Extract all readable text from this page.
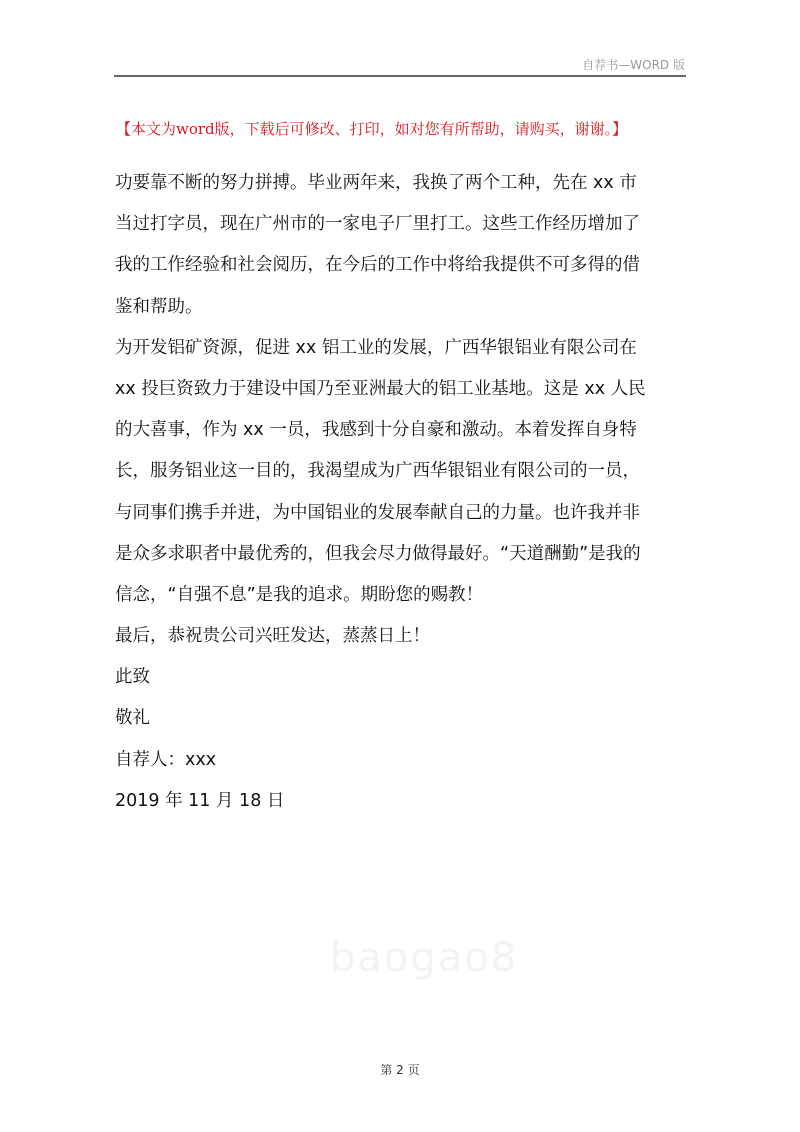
自荐书—WORD 版
【本文为word版，下载后可修改、打印，如对您有所帮助，请购买，谢谢。】
baogao8
功要靠不断的努力拼搏。毕业两年来，我换了两个工种，先在 xx 市
当过打字员，现在广州市的一家电子厂里打工。这些工作经历增加了
我的工作经验和社会阅历，在今后的工作中将给我提供不可多得的借
鉴和帮助。
为开发铝矿资源，促进 xx 铝工业的发展，广西华银铝业有限公司在
xx 投巨资致力于建设中国乃至亚洲最大的铝工业基地。这是 xx 人民
的大喜事，作为 xx 一员，我感到十分自豪和激动。本着发挥自身特
长，服务铝业这一目的，我渴望成为广西华银铝业有限公司的一员，
与同事们携手并进，为中国铝业的发展奉献自己的力量。也许我并非
是众多求职者中最优秀的，但我会尽力做得最好。“天道酬勤”是我的
信念，“自强不息”是我的追求。期盼您的赐教！
最后，恭祝贵公司兴旺发达，蒸蒸日上！
此致
敬礼
自荐人：xxx
2019 年 11 月 18 日
第 2 页
